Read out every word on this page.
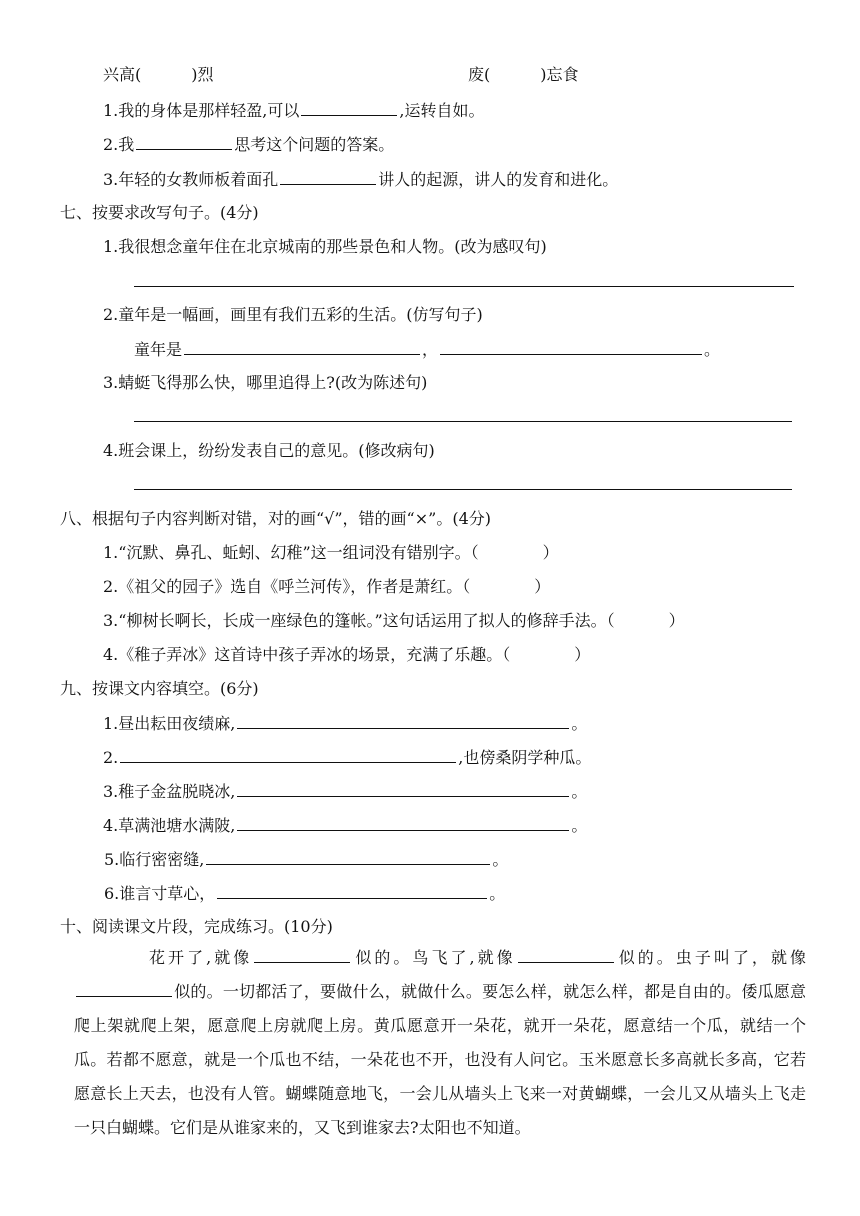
兴高(	)烈	废(	)忘食
1.我的身体是那样轻盈,可以	,运转自如。
2.我	思考这个问题的答案。
3.年轻的女教师板着面孔	讲人的起源，讲人的发育和进化。
七、按要求改写句子。(4分)
1.我很想念童年住在北京城南的那些景色和人物。(改为感叹句)
2.童年是一幅画，画里有我们五彩的生活。(仿写句子)
童年是	，	。
3.蜻蜓飞得那么快，哪里追得上?(改为陈述句)
4.班会课上，纷纷发表自己的意见。(修改病句)
八、根据句子内容判断对错，对的画“√”，错的画“×”。(4分)
1.“沉默、鼻孔、蚯蚓、幻稚”这一组词没有错别字。（	）
2.《祖父的园子》选自《呼兰河传》，作者是萧红。（	）
3.“柳树长啊长，长成一座绿色的篷帐。”这句话运用了拟人的修辞手法。（	）
4.《稚子弄冰》这首诗中孩子弄冰的场景，充满了乐趣。（	）
九、按课文内容填空。(6分)
1.昼出耘田夜绩麻,	。
2.	,也傍桑阴学种瓜。
3.稚子金盆脱晓冰,	。
4.草满池塘水满陂,	。
5.临行密密缝,	。
6.谁言寸草心，	。
十、阅读课文片段，完成练习。(10分)
花开了,就像	似的。鸟飞了,就像	似的。虫子叫了，就像似的。一切都活了，要做什么，就做什么。要怎么样，就怎么样，都是自由的。倭瓜愿意爬上架就爬上架，愿意爬上房就爬上房。黄瓜愿意开一朵花，就开一朵花，愿意结一个瓜，就结一个瓜。若都不愿意，就是一个瓜也不结，一朵花也不开，也没有人问它。玉米愿意长多高就长多高，它若愿意长上天去，也没有人管。蝴蝶随意地飞，一会儿从墙头上飞来一对黄蝴蝶，一会儿又从墙头上飞走一只白蝴蝶。它们是从谁家来的，又飞到谁家去?太阳也不知道。
